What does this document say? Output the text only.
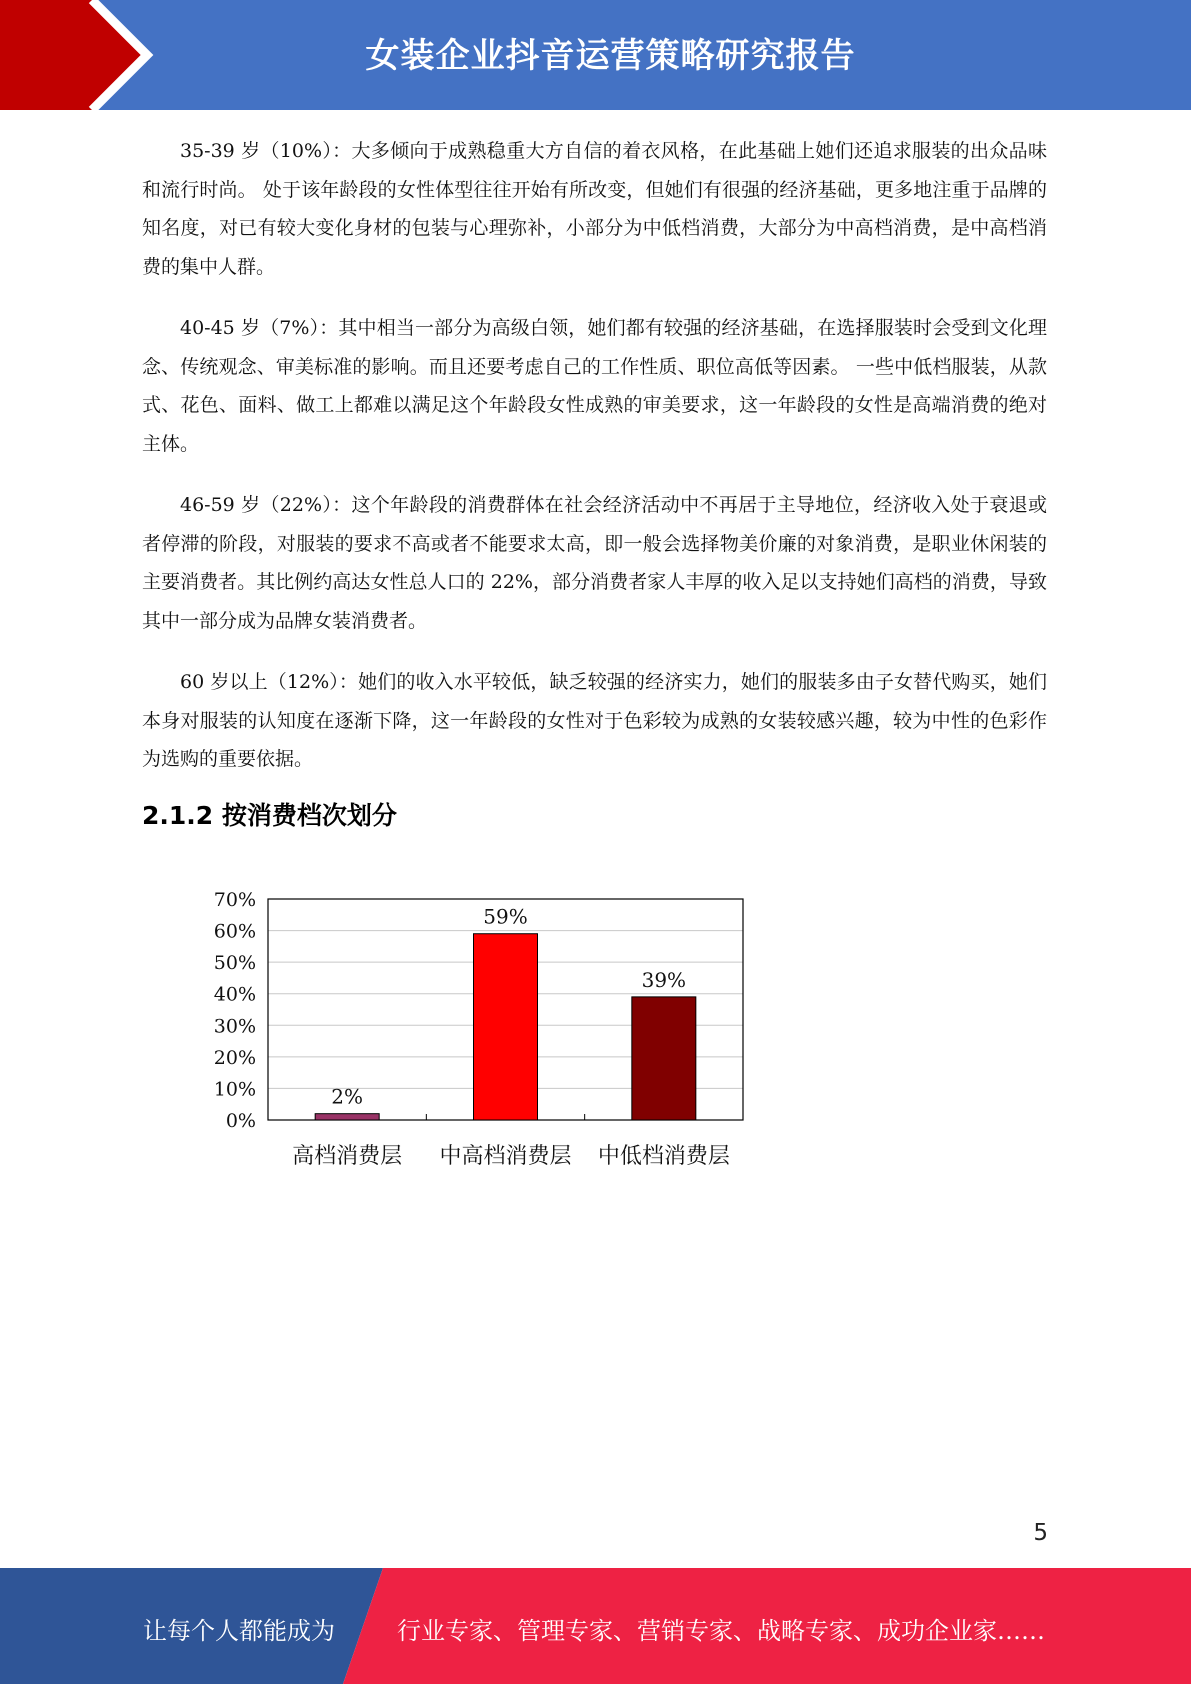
女装企业抖音运营策略研究报告

35-39 岁（10%）：大多倾向于成熟稳重大方自信的着衣风格，在此基础上她们还追求服装的出众品味和流行时尚。 处于该年龄段的女性体型往往开始有所改变，但她们有很强的经济基础，更多地注重于品牌的知名度，对已有较大变化身材的包装与心理弥补，小部分为中低档消费，大部分为中高档消费，是中高档消费的集中人群。

40-45 岁（7%）：其中相当一部分为高级白领，她们都有较强的经济基础，在选择服装时会受到文化理念、传统观念、审美标准的影响。而且还要考虑自己的工作性质、职位高低等因素。 一些中低档服装，从款式、花色、面料、做工上都难以满足这个年龄段女性成熟的审美要求，这一年龄段的女性是高端消费的绝对主体。

46-59 岁（22%）：这个年龄段的消费群体在社会经济活动中不再居于主导地位，经济收入处于衰退或者停滞的阶段，对服装的要求不高或者不能要求太高，即一般会选择物美价廉的对象消费，是职业休闲装的主要消费者。其比例约高达女性总人口的 22%，部分消费者家人丰厚的收入足以支持她们高档的消费，导致其中一部分成为品牌女装消费者。

60 岁以上（12%）：她们的收入水平较低，缺乏较强的经济实力，她们的服装多由子女替代购买，她们本身对服装的认知度在逐渐下降，这一年龄段的女性对于色彩较为成熟的女装较感兴趣，较为中性的色彩作为选购的重要依据。

2.1.2 按消费档次划分
0%
10%
20%
30%
40%
50%
60%
70%
2%
高档消费层
59%
中高档消费层
39%
中低档消费层
5
让每个人都能成为	行业专家、管理专家、营销专家、战略专家、成功企业家……
